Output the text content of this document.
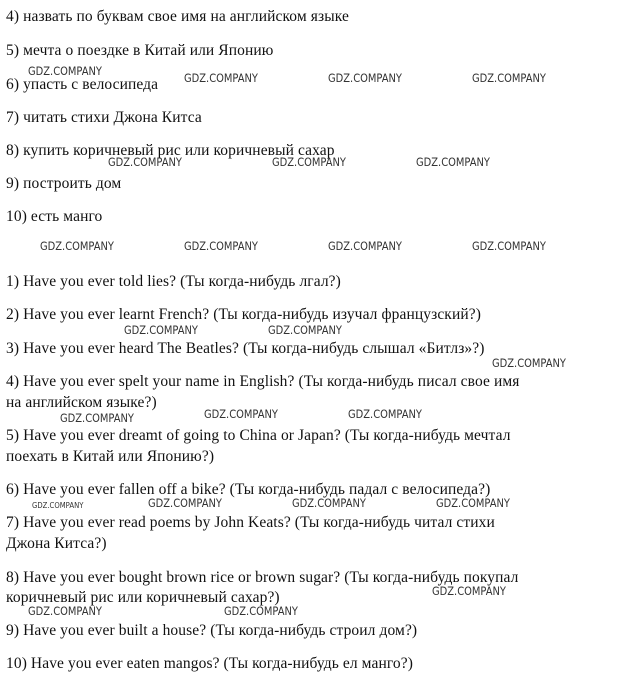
4) назвать по буквам свое имя на английском языке
5) мечта о поездке в Китай или Японию
6) упасть с велосипеда
7) читать стихи Джона Китса
8) купить коричневый рис или коричневый сахар
9) построить дом
10) есть манго
1) Have you ever told lies? (Ты когда-нибудь лгал?)
2) Have you ever learnt French? (Ты когда-нибудь изучал французский?)
3) Have you ever heard The Beatles? (Ты когда-нибудь слышал «Битлз»?)
4) Have you ever spelt your name in English? (Ты когда-нибудь писал свое имя
на английском языке?)
5) Have you ever dreamt of going to China or Japan? (Ты когда-нибудь мечтал
поехать в Китай или Японию?)
6) Have you ever fallen off a bike? (Ты когда-нибудь падал с велосипеда?)
7) Have you ever read poems by John Keats? (Ты когда-нибудь читал стихи
Джона Китса?)
8) Have you ever bought brown rice or brown sugar? (Ты когда-нибудь покупал
коричневый рис или коричневый сахар?)
9) Have you ever built a house? (Ты когда-нибудь строил дом?)
10) Have you ever eaten mangos? (Ты когда-нибудь ел манго?)
GDZ.COMPANY	GDZ.COMPANY	GDZ.COMPANY	GDZ.COMPANY
GDZ.COMPANY	GDZ.COMPANY	GDZ.COMPANY
GDZ.COMPANY	GDZ.COMPANY	GDZ.COMPANY	GDZ.COMPANY
GDZ.COMPANY	GDZ.COMPANY
GDZ.COMPANY
GDZ.COMPANY	GDZ.COMPANY	GDZ.COMPANY
GDZ.COMPANY	GDZ.COMPANY	GDZ.COMPANY	GDZ.COMPANY
GDZ.COMPANY
GDZ.COMPANY	GDZ.COMPANY
